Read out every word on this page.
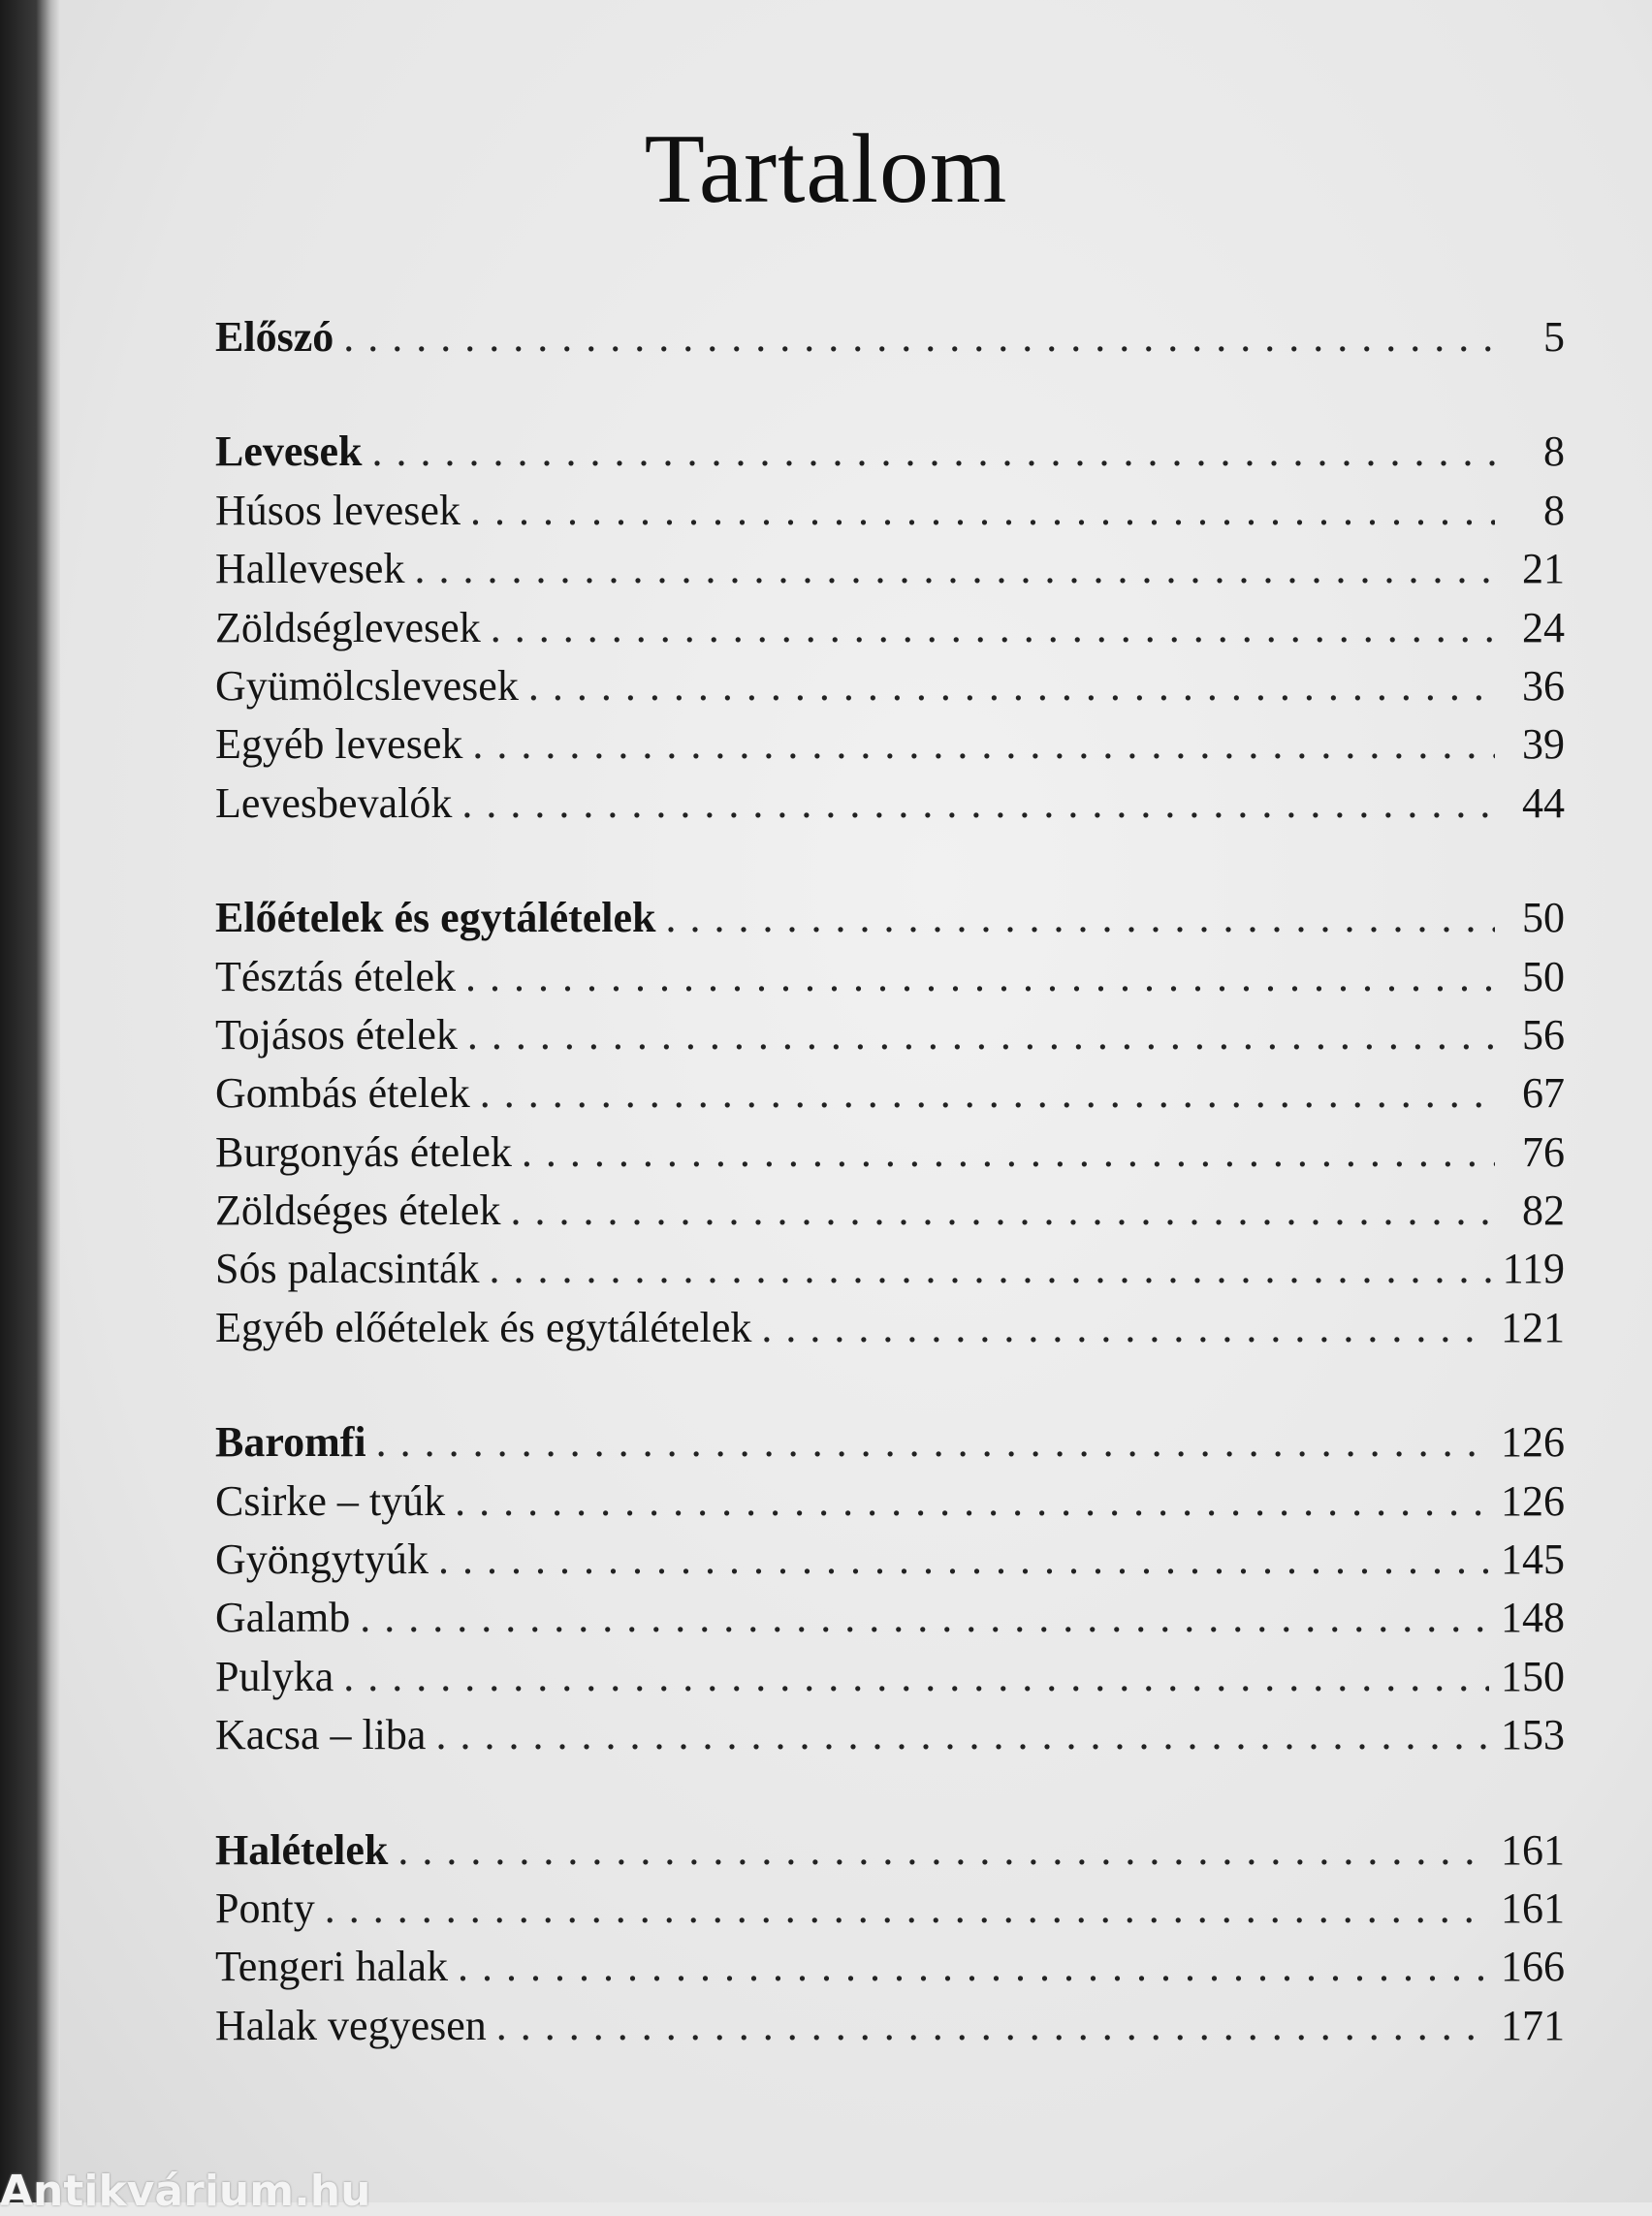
Tartalom
Előszó . . .	5
Levesek . . .	8
Húsos levesek . . .	8
Hallevesek . . .	21
Zöldséglevesek . . .	24
Gyümölcslevesek . . .	36
Egyéb levesek . . .	39
Levesbevalók . . .	44
Előételek és egytálételek . . .	50
Tésztás ételek . . .	50
Tojásos ételek . . .	56
Gombás ételek . . .	67
Burgonyás ételek . . .	76
Zöldséges ételek . . .	82
Sós palacsinták . . .	119
Egyéb előételek és egytálételek . . .	121
Baromfi . . .	126
Csirke – tyúk . . .	126
Gyöngytyúk . . .	145
Galamb . . .	148
Pulyka . . .	150
Kacsa – liba . . .	153
Halételek . . .	161
Ponty . . .	161
Tengeri halak . . .	166
Halak vegyesen . . .	171
Antikvárium.hu
